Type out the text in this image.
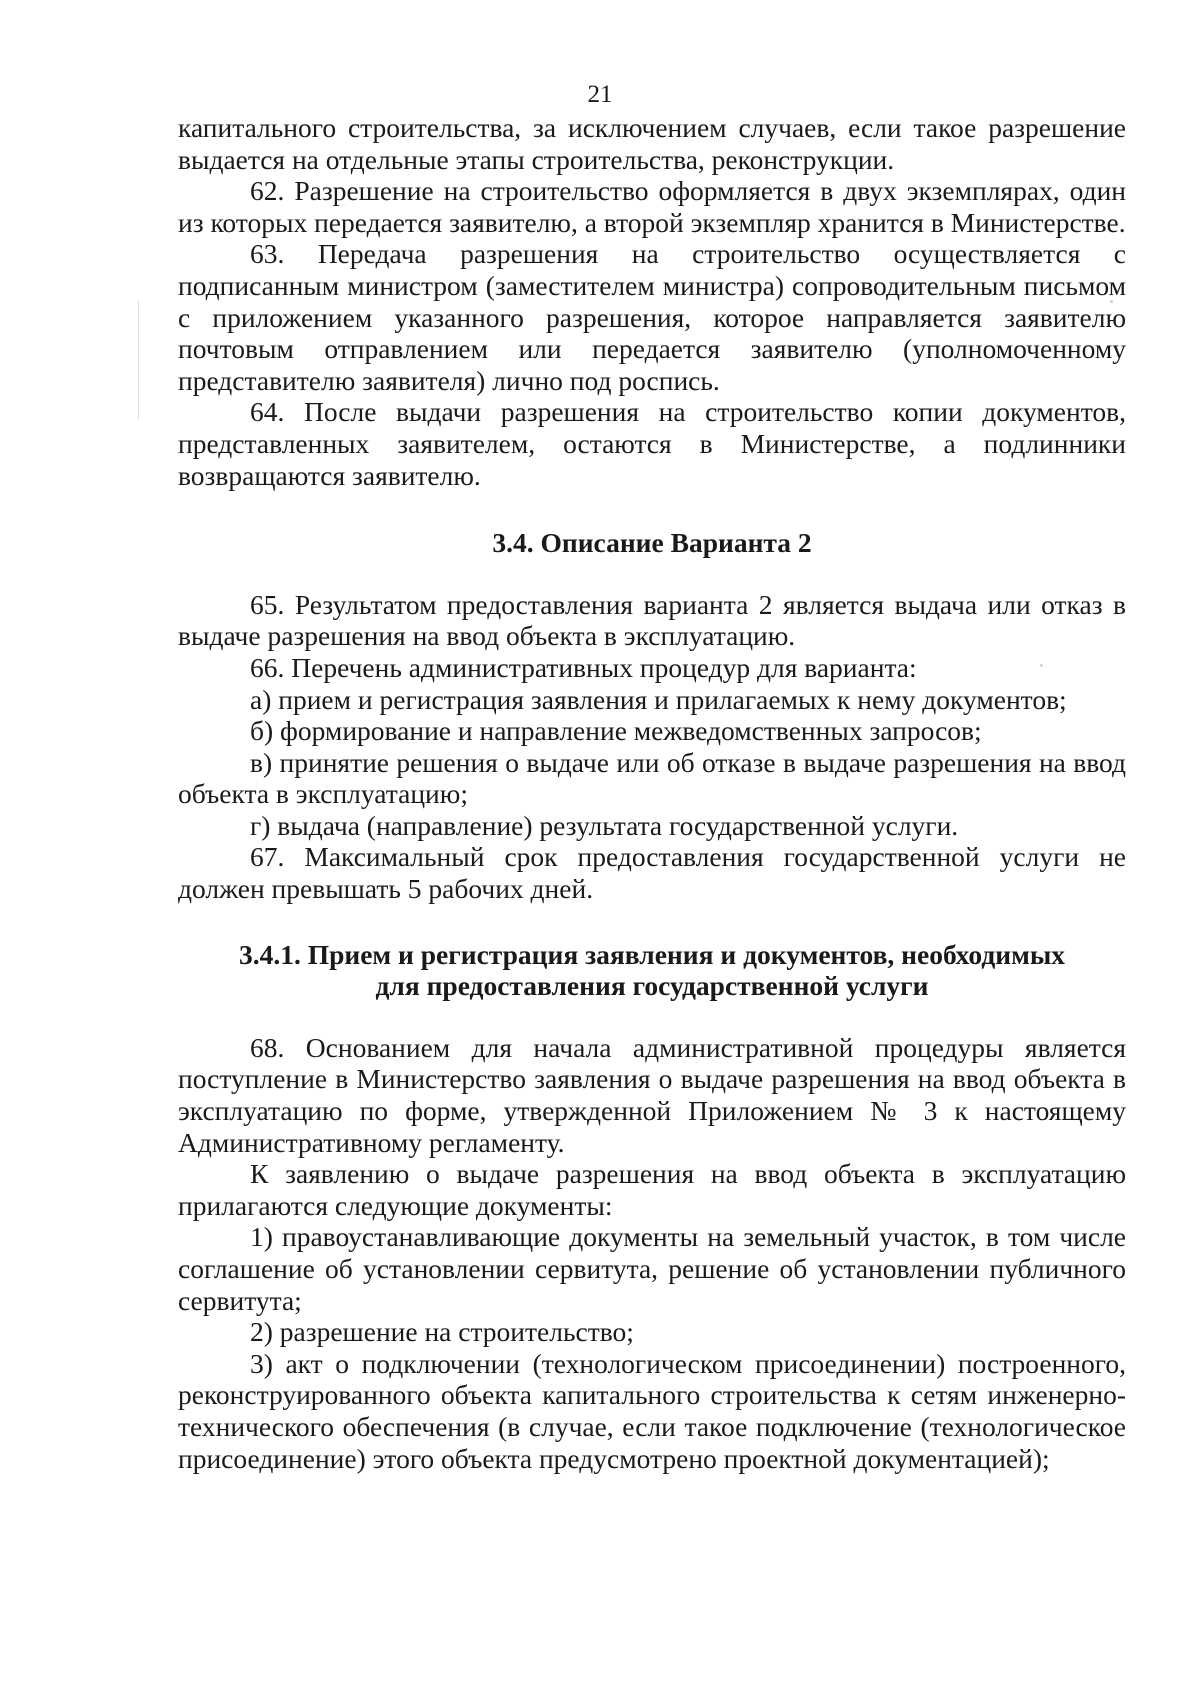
21

капитального строительства, за исключением случаев, если такое разрешение выдается на отдельные этапы строительства, реконструкции.

62. Разрешение на строительство оформляется в двух экземплярах, один из которых передается заявителю, а второй экземпляр хранится в Министерстве.

63. Передача разрешения на строительство осуществляется с подписанным министром (заместителем министра) сопроводительным письмом с приложением указанного разрешения, которое направляется заявителю почтовым отправлением или передается заявителю (уполномоченному представителю заявителя) лично под роспись.

64. После выдачи разрешения на строительство копии документов, представленных заявителем, остаются в Министерстве, а подлинники возвращаются заявителю.

3.4. Описание Варианта 2

65. Результатом предоставления варианта 2 является выдача или отказ в выдаче разрешения на ввод объекта в эксплуатацию.

66. Перечень административных процедур для варианта:

а) прием и регистрация заявления и прилагаемых к нему документов;

б) формирование и направление межведомственных запросов;

в) принятие решения о выдаче или об отказе в выдаче разрешения на ввод объекта в эксплуатацию;

г) выдача (направление) результата государственной услуги.

67. Максимальный срок предоставления государственной услуги не должен превышать 5 рабочих дней.

3.4.1. Прием и регистрация заявления и документов, необходимых

для предоставления государственной услуги

68. Основанием для начала административной процедуры является поступление в Министерство заявления о выдаче разрешения на ввод объекта в эксплуатацию по форме, утвержденной Приложением № 3 к настоящему Административному регламенту.

К заявлению о выдаче разрешения на ввод объекта в эксплуатацию прилагаются следующие документы:

1) правоустанавливающие документы на земельный участок, в том числе соглашение об установлении сервитута, решение об установлении публичного сервитута;

2) разрешение на строительство;

3) акт о подключении (технологическом присоединении) построенного, реконструированного объекта капитального строительства к сетям инженерно-технического обеспечения (в случае, если такое подключение (технологическое присоединение) этого объекта предусмотрено проектной документацией);
